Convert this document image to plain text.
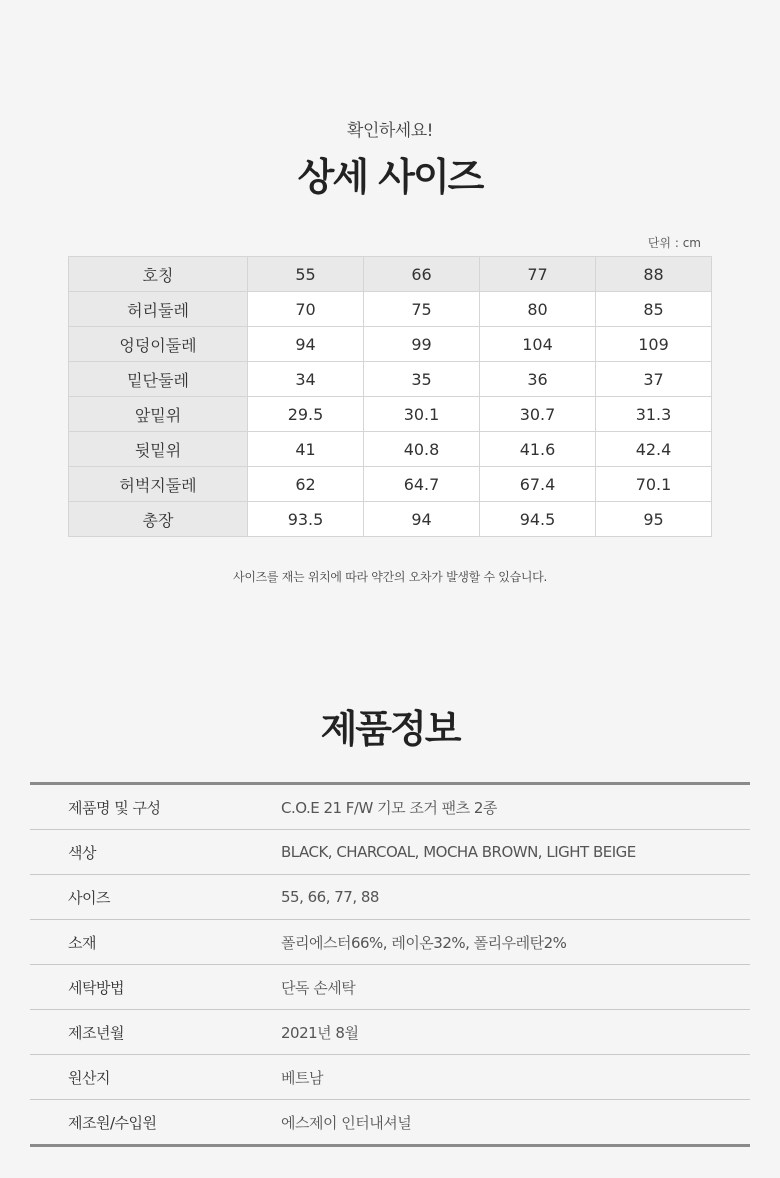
확인하세요!
상세 사이즈
단위 : cm
호칭	55	66	77	88
허리둘레	70	75	80	85
엉덩이둘레	94	99	104	109
밑단둘레	34	35	36	37
앞밑위	29.5	30.1	30.7	31.3
뒷밑위	41	40.8	41.6	42.4
허벅지둘레	62	64.7	67.4	70.1
총장	93.5	94	94.5	95
사이즈를 재는 위치에 따라 약간의 오차가 발생할 수 있습니다.
제품정보
제품명 및 구성	C.O.E 21 F/W 기모 조거 팬츠 2종
색상	BLACK, CHARCOAL, MOCHA BROWN, LIGHT BEIGE
사이즈	55, 66, 77, 88
소재	폴리에스터66%, 레이온32%, 폴리우레탄2%
세탁방법	단독 손세탁
제조년월	2021년 8월
원산지	베트남
제조원/수입원	에스제이 인터내셔널
